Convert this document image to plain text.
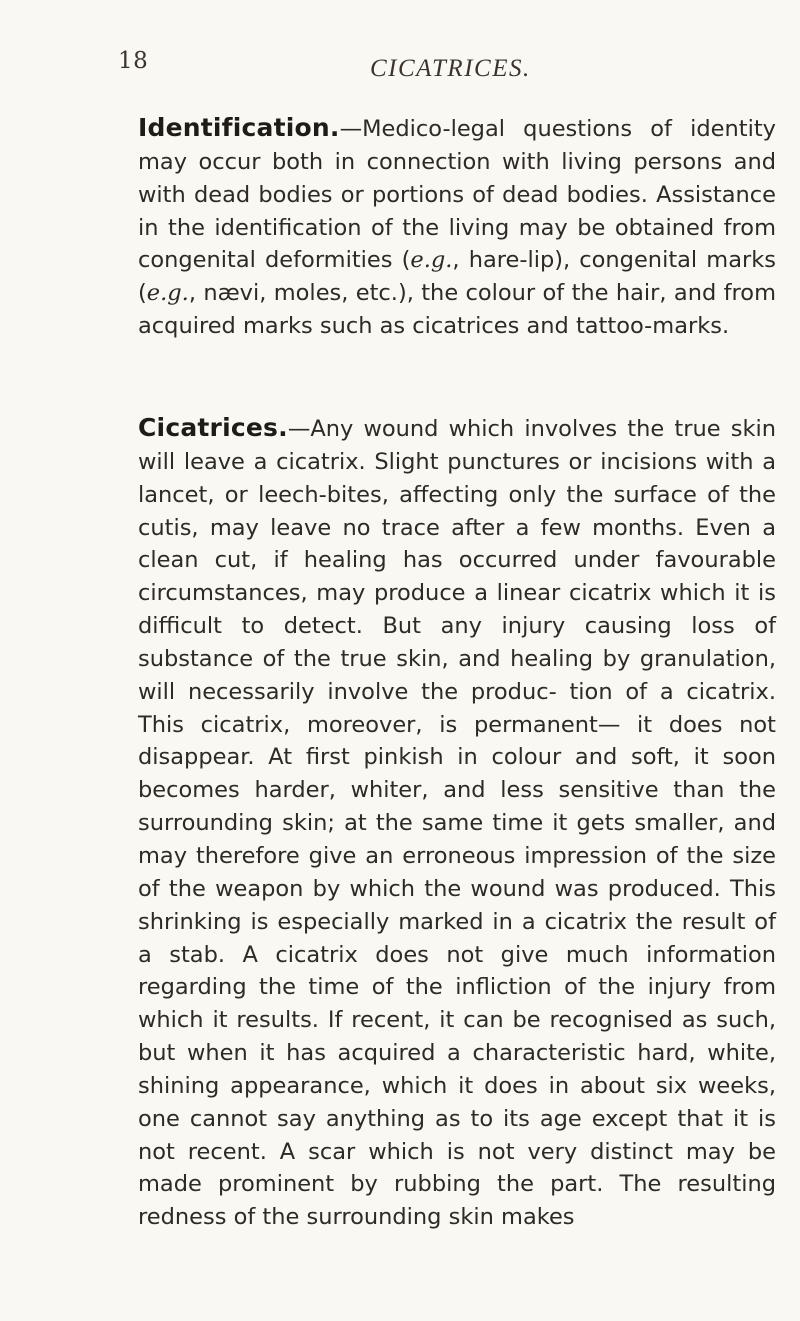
18	CICATRICES.

Identification.—Medico-legal questions of identity may occur both in connection with living persons and with dead bodies or portions of dead bodies. Assistance in the identification of the living may be obtained from congenital deformities (e.g., hare-lip), congenital marks (e.g., nævi, moles, etc.), the colour of the hair, and from acquired marks such as cicatrices and tattoo-marks.

Cicatrices.—Any wound which involves the true skin will leave a cicatrix. Slight punctures or incisions with a lancet, or leech-bites, affecting only the surface of the cutis, may leave no trace after a few months. Even a clean cut, if healing has occurred under favourable circumstances, may produce a linear cicatrix which it is difficult to detect. But any injury causing loss of substance of the true skin, and healing by granulation, will necessarily involve the produc- tion of a cicatrix. This cicatrix, moreover, is permanent— it does not disappear. At first pinkish in colour and soft, it soon becomes harder, whiter, and less sensitive than the surrounding skin; at the same time it gets smaller, and may therefore give an erroneous impression of the size of the weapon by which the wound was produced. This shrinking is especially marked in a cicatrix the result of a stab. A cicatrix does not give much information regarding the time of the infliction of the injury from which it results. If recent, it can be recognised as such, but when it has acquired a characteristic hard, white, shining appearance, which it does in about six weeks, one cannot say anything as to its age except that it is not recent. A scar which is not very distinct may be made prominent by rubbing the part. The resulting redness of the surrounding skin makes
